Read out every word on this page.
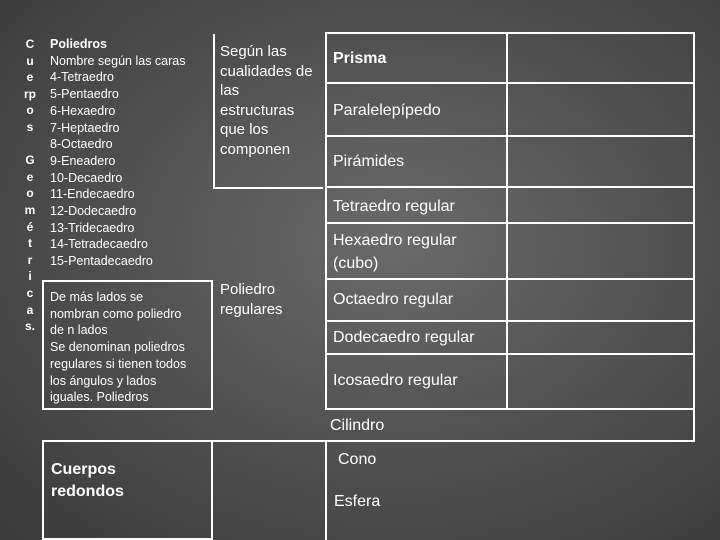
C
u
e
rp
o
s
G
e
o
m
é
t
r
i
c
a
s.
Poliedros
Nombre según las caras
4-Tetraedro
5-Pentaedro
6-Hexaedro
7-Heptaedro
8-Octaedro
9-Eneadero
10-Decaedro
11-Endecaedro
12-Dodecaedro
13-Tridecaedro
14-Tetradecaedro
15-Pentadecaedro
De más lados se
nombran como poliedro
de n lados
Se denominan poliedros
regulares si tienen todos
los ángulos y lados
iguales. Poliedros
Según las
cualidades de
las
estructuras
que los
componen
Poliedro
regulares
Cuerpos
redondos
Prisma
Paralelepípedo
Pirámides
Tetraedro regular
Hexaedro regular
(cubo)
Octaedro regular
Dodecaedro regular
Icosaedro regular
Cilindro
Cono
Esfera
